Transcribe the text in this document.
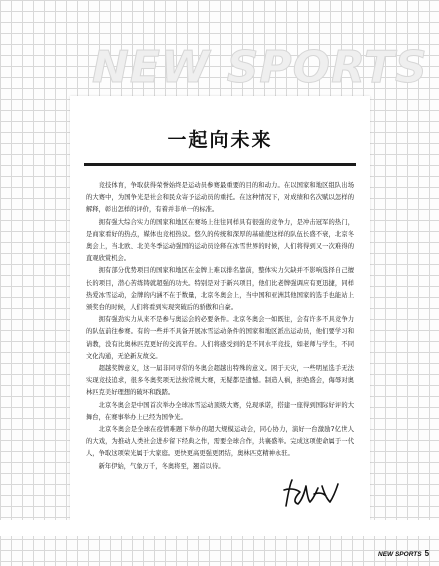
NEW SPORTS
一起向未来

竞技体育，争取获得荣誉始终是运动员参赛最重要的目的和动力。在以国家和地区组队出场的大赛中，为国争光是社会和民众寄予运动员的重托。在这种情况下，对成绩和名次赋以怎样的解释，彰出怎样的评价，有着并非单一的标准。

拥有强大综合实力的国家和地区在赛场上往往同样具有很强的竞争力，是冲击冠军的热门，是商家看好的热点，媒体也竞相热议。悠久的传统和深厚的基础使这样的队伍长盛不衰，北京冬奥会上，当北欧、北美冬季运动强国的运动员诠释在冰雪世界的时候，人们将得到又一次难得的直观欣赏机会。

拥有部分优势项目的国家和地区在金牌上难以排名靠前，整体实力欠缺并不影响选择自己擅长的项目，潜心苦练铸就超强的功夫。特别是对于新兴项目，他们比老牌强调应有更迅捷，同样热爱冰雪运动，金牌的内涵不在于数量，北京冬奥会上，当中国和亚洲其他国家的选手也能站上颁奖台的时候，人们将看到实现突破后的骄傲和自豪。

拥有强劲实力从来不是参与奥运会的必要条件。北京冬奥会一如既往，会有许多不具竞争力的队伍前往参赛。有的一些并不具备开展冰雪运动条件的国家和地区派出运动员，他们要学习和请教，没有比奥林匹克更好的交流平台。人们将感受到的是不同水平竞技，如老师与学生，不同文化沟通，无论新友故交。

超越奖牌意义，这一届非同寻常的冬奥会超越出特殊的意义。困于天灾，一些明星选手无法实现竞技追求，很多冬奥奖项无法按常规大赛，无疑都是遗憾。制造人祸，拒绝盛会，侮辱对奥林匹克美好理想的破坏和践踏。

北京冬奥会是中国首次举办全球冰雪运动顶级大赛，兑现承诺，搭建一座得到国际好评的大舞台，在赛事举办上已经为国争光。

北京冬奥会是全球在疫情难题下举办的超大规模运动会，同心协力，演好一台激励7亿世人的大戏，为推动人类社会进步留下经典之作，需要全球合作，共襄盛举。完成这项使命属于一代人，争取这项荣光属于大家庭。更快更高更强更团结，奥林匹克精神永驻。

新年伊始，气象万千，冬奥将至，翘首以待。

NEW SPORTS 5
